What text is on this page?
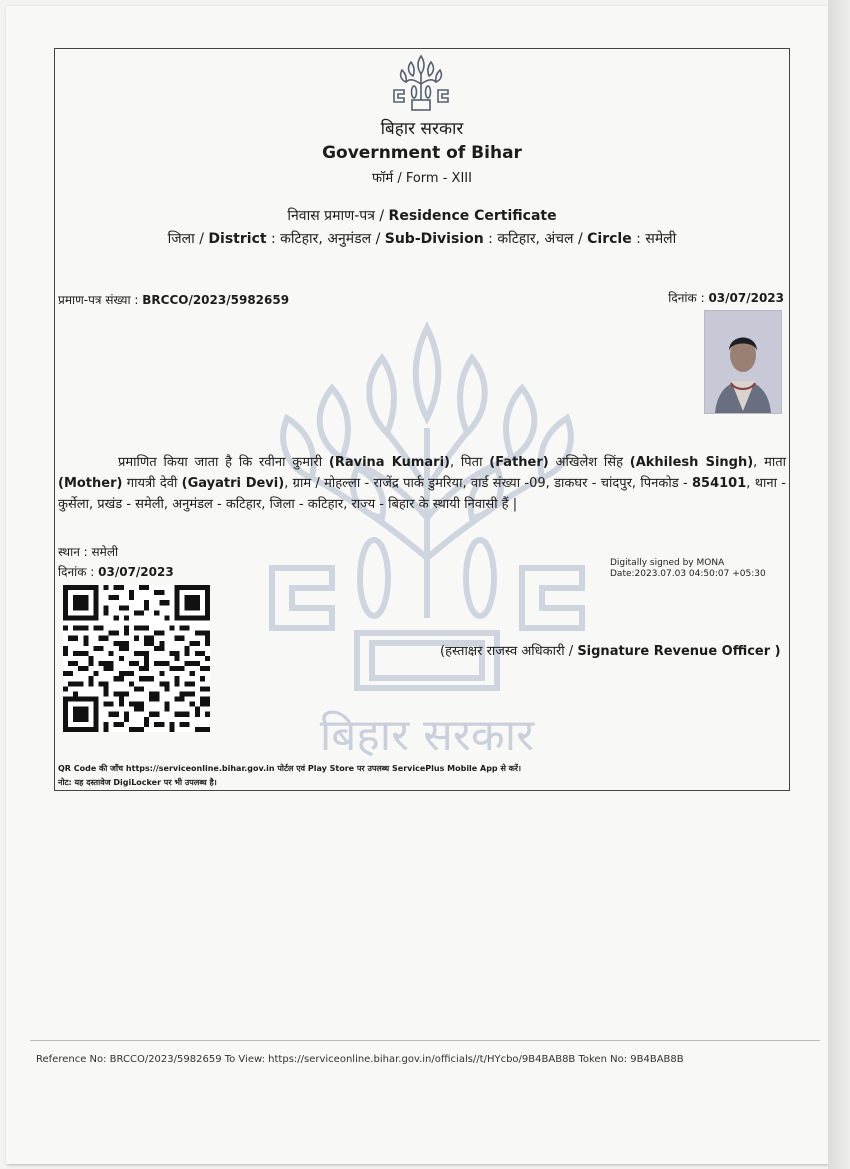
बिहार सरकार
बिहार सरकार
Government of Bihar
फॉर्म / Form - XIII
निवास प्रमाण-पत्र / Residence Certificate
जिला / District : कटिहार, अनुमंडल / Sub-Division : कटिहार, अंचल / Circle : समेली
प्रमाण-पत्र संख्या : BRCCO/2023/5982659	दिनांक : 03/07/2023
प्रमाणित किया जाता है कि रवीना कुमारी (Ravina Kumari), पिता (Father) अखिलेश सिंह (Akhilesh Singh), माता (Mother) गायत्री देवी (Gayatri Devi), ग्राम / मोहल्ला - राजेंद्र पार्क डुमरिया, वार्ड संख्या -09, डाकघर - चांदपुर, पिनकोड - 854101, थाना - कुर्सेला, प्रखंड - समेली, अनुमंडल - कटिहार, जिला - कटिहार, राज्य - बिहार के स्थायी निवासी हैं |
स्थान : समेली
दिनांक : 03/07/2023
Digitally signed by MONA
Date:2023.07.03 04:50:07 +05:30
(हस्ताक्षर राजस्व अधिकारी / Signature Revenue Officer )
QR Code की जाँच https://serviceonline.bihar.gov.in पोर्टल एवं Play Store पर उपलब्ध ServicePlus Mobile App से करें।
नोट: यह दस्तावेज DigiLocker पर भी उपलब्ध है।
Reference No: BRCCO/2023/5982659 To View: https://serviceonline.bihar.gov.in/officials//t/HYcbo/9B4BAB8B Token No: 9B4BAB8B
